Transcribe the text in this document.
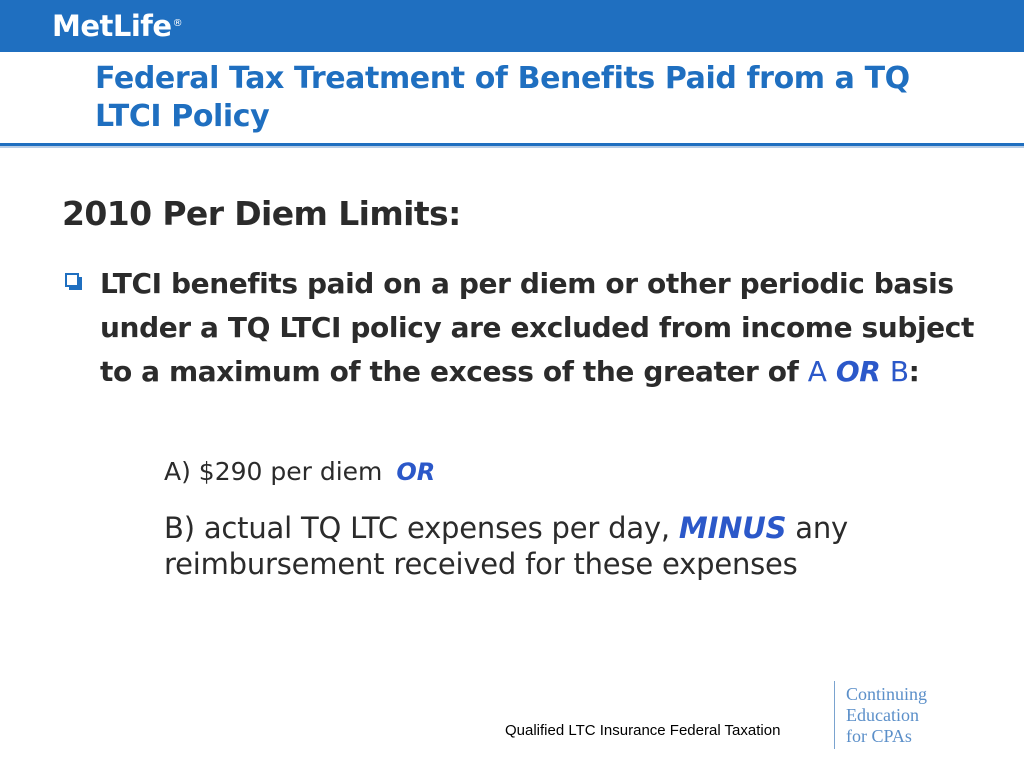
MetLife®
Federal Tax Treatment of Benefits Paid from a TQ LTCI Policy
2010 Per Diem Limits:
LTCI benefits paid on a per diem or other periodic basis under a TQ LTCI policy are excluded from income subject to a maximum of the excess of the greater of A OR B:
A) $290 per diem OR
B) actual TQ LTC expenses per day, MINUS any reimbursement received for these expenses
Qualified LTC Insurance Federal Taxation
Continuing
Education
for CPAs
